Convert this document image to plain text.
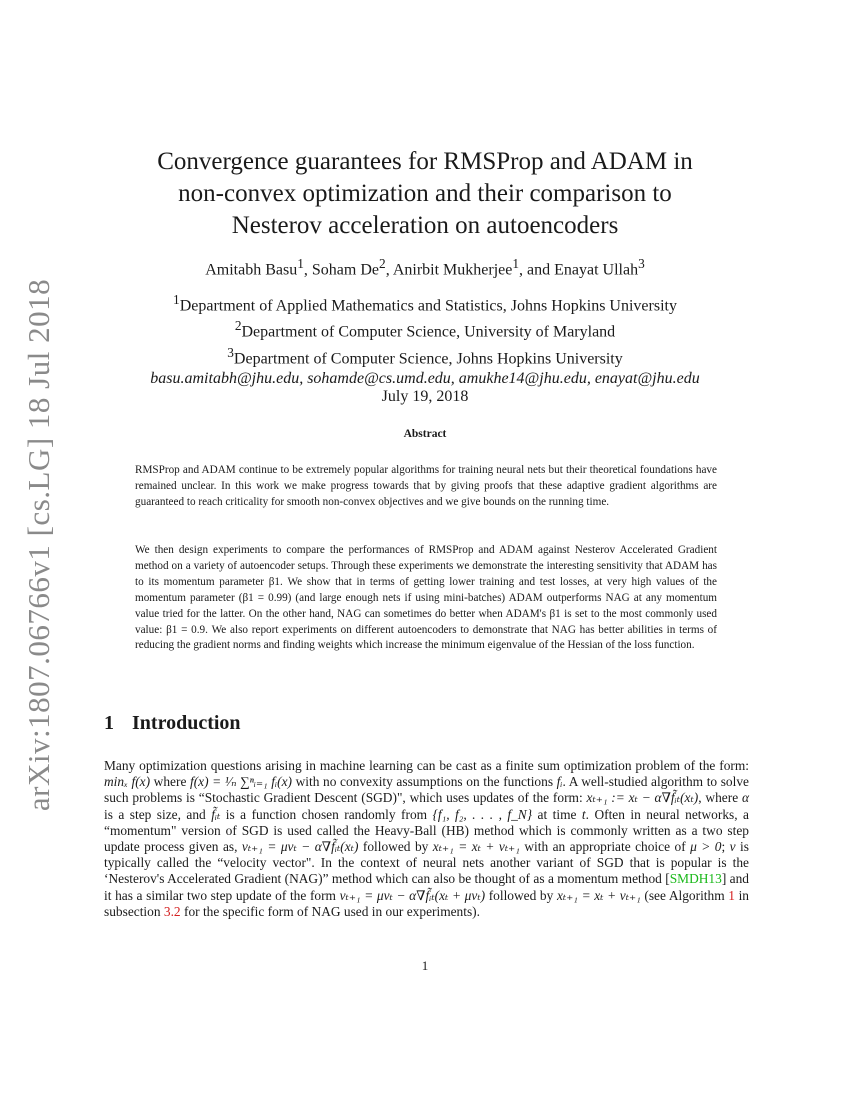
arXiv:1807.06766v1 [cs.LG] 18 Jul 2018
Convergence guarantees for RMSProp and ADAM in
non-convex optimization and their comparison to
Nesterov acceleration on autoencoders
Amitabh Basu$^1$, Soham De$^2$, Anirbit Mukherjee$^1$, and Enayat Ullah$^3$
$^1$Department of Applied Mathematics and Statistics, Johns Hopkins University
$^2$Department of Computer Science, University of Maryland
$^3$Department of Computer Science, Johns Hopkins University
basu.amitabh@jhu.edu, sohamde@cs.umd.edu, amukhe14@jhu.edu, enayat@jhu.edu
July 19, 2018
Abstract

RMSProp and ADAM continue to be extremely popular algorithms for training neural nets but their theoretical foundations have remained unclear. In this work we make progress towards that by giving proofs that these adaptive gradient algorithms are guaranteed to reach criticality for smooth non-convex objectives and we give bounds on the running time.

We then design experiments to compare the performances of RMSProp and ADAM against Nesterov Accelerated Gradient method on a variety of autoencoder setups. Through these experiments we demonstrate the interesting sensitivity that ADAM has to its momentum parameter β1. We show that in terms of getting lower training and test losses, at very high values of the momentum parameter (β1 = 0.99) (and large enough nets if using mini-batches) ADAM outperforms NAG at any momentum value tried for the latter. On the other hand, NAG can sometimes do better when ADAM's β1 is set to the most commonly used value: β1 = 0.9. We also report experiments on different autoencoders to demonstrate that NAG has better abilities in terms of reducing the gradient norms and finding weights which increase the minimum eigenvalue of the Hessian of the loss function.

1 Introduction

Many optimization questions arising in machine learning can be cast as a finite sum optimization problem of the form: minₓ f(x) where f(x) = ¹⁄ₙ ∑ⁿᵢ₌₁ fᵢ(x) with no convexity assumptions on the functions fᵢ. A well-studied algorithm to solve such problems is “Stochastic Gradient Descent (SGD)", which uses updates of the form: xₜ₊₁ := xₜ − α∇f̃ᵢₜ(xₜ), where α is a step size, and f̃ᵢₜ is a function chosen randomly from {f₁, f₂, . . . , f_N} at time t. Often in neural networks, a “momentum" version of SGD is used called the Heavy-Ball (HB) method which is commonly written as a two step update process given as, vₜ₊₁ = μvₜ − α∇f̃ᵢₜ(xₜ) followed by xₜ₊₁ = xₜ + vₜ₊₁ with an appropriate choice of μ > 0; v is typically called the “velocity vector". In the context of neural nets another variant of SGD that is popular is the ‘Nesterov's Accelerated Gradient (NAG)” method which can also be thought of as a momentum method [SMDH13] and it has a similar two step update of the form vₜ₊₁ = μvₜ − α∇f̃ᵢₜ(xₜ + μvₜ) followed by xₜ₊₁ = xₜ + vₜ₊₁ (see Algorithm 1 in subsection 3.2 for the specific form of NAG used in our experiments).

1
